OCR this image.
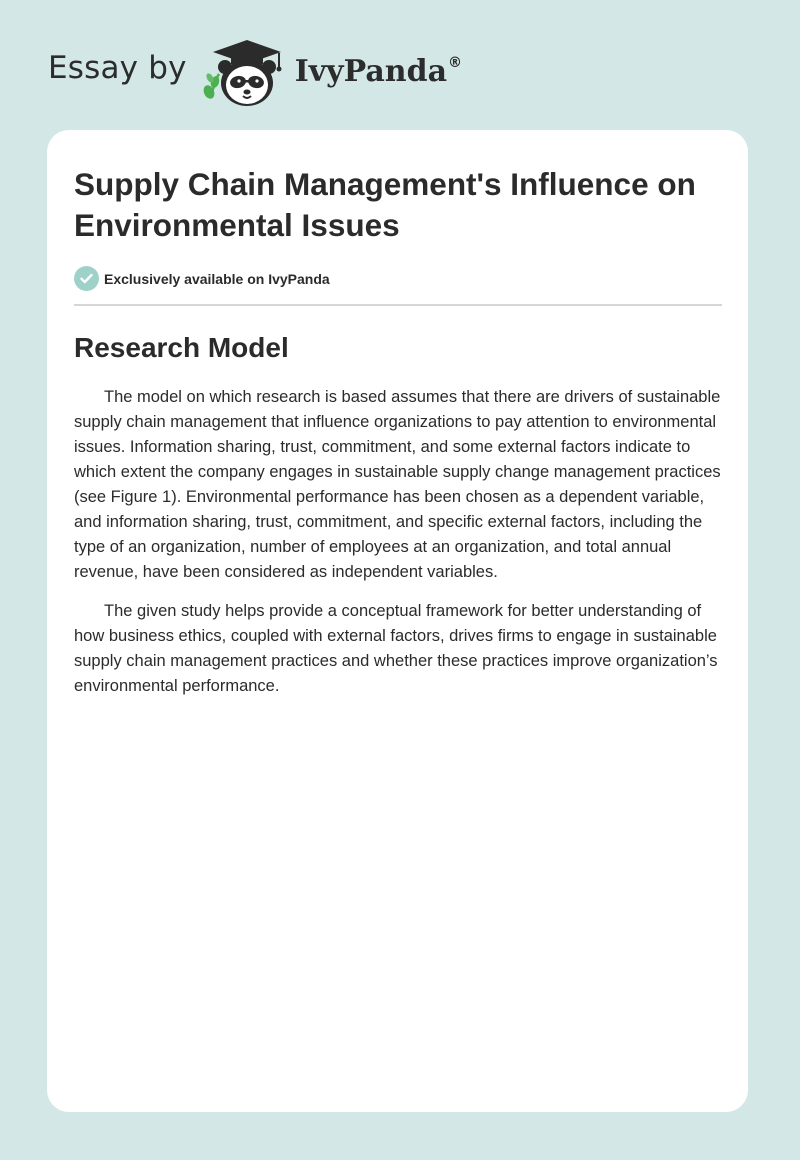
Essay by	IvyPanda®
Supply Chain Management's Influence on Environmental Issues
Exclusively available on IvyPanda
Research Model

The model on which research is based assumes that there are drivers of sustainable supply chain management that influence organizations to pay attention to environmental issues. Information sharing, trust, commitment, and some external factors indicate to which extent the company engages in sustainable supply change management practices (see Figure 1). Environmental performance has been chosen as a dependent variable, and information sharing, trust, commitment, and specific external factors, including the type of an organization, number of employees at an organization, and total annual revenue, have been considered as independent variables.

The given study helps provide a conceptual framework for better understanding of how business ethics, coupled with external factors, drives firms to engage in sustainable supply chain management practices and whether these practices improve organization’s environmental performance.
